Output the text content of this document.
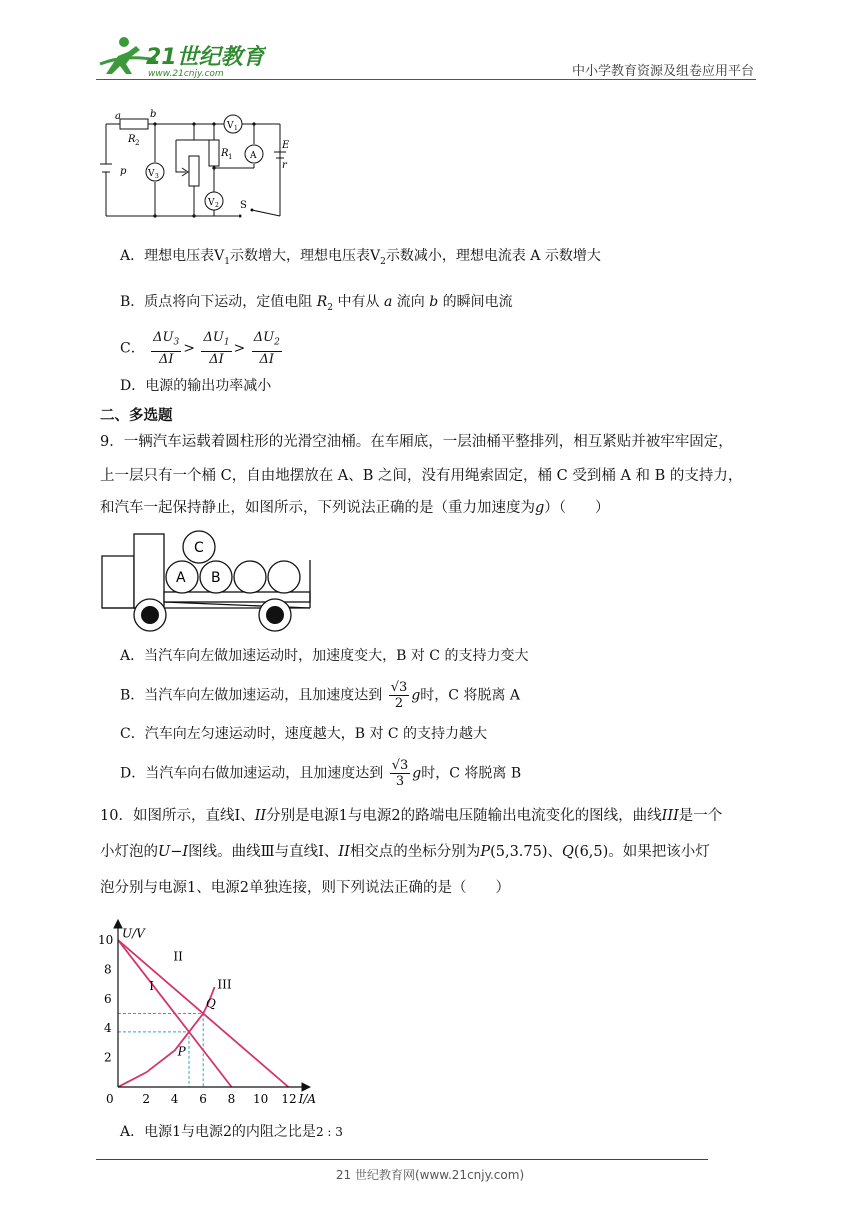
21世纪教育
www.21cnjy.com	中小学教育资源及组卷应用平台
a	b
R 2
p V 3
R 1
V 1
A
V 2
E
r
S
A．理想电压表$V_1$示数增大，理想电压表$V_2$示数减小，理想电流表 A 示数增大
B．质点将向下运动，定值电阻 $R_2$ 中有从 a 流向 b 的瞬间电流
C． $\frac{\Delta U_3}{\Delta I} > \frac{\Delta U_1}{\Delta I} > \frac{\Delta U_2}{\Delta I}$
D．电源的输出功率减小
二、多选题
9．一辆汽车运载着圆柱形的光滑空油桶。在车厢底，一层油桶平整排列，相互紧贴并被牢牢固定，
上一层只有一个桶 C，自由地摆放在 A、B 之间，没有用绳索固定，桶 C 受到桶 A 和 B 的支持力，
和汽车一起保持静止，如图所示，下列说法正确的是（重力加速度为g）（　　）
A B
C
A．当汽车向左做加速运动时，加速度变大，B 对 C 的支持力变大
B．当汽车向左做加速运动，且加速度达到 $\frac{√3}{2}$ g时，C 将脱离 A
C．汽车向左匀速运动时，速度越大，B 对 C 的支持力越大
D．当汽车向右做加速运动，且加速度达到 $\frac{√3}{3}$ g时，C 将脱离 B
10．如图所示，直线Ⅰ、II分别是电源1与电源2的路端电压随输出电流变化的图线，曲线III是一个
小灯泡的U−I图线。曲线Ⅲ与直线Ⅰ、II相交点的坐标分别为P(5,3.75)、Q(6,5)。如果把该小灯
泡分别与电源1、电源2单独连接，则下列说法正确的是（　　）
0 2 4 6 8 10 12
2
4
6
8
10
I/A
U/V
I
II
III
P
Q
A．电源1与电源2的内阻之比是2 : 3
21 世纪教育网(www.21cnjy.com)
